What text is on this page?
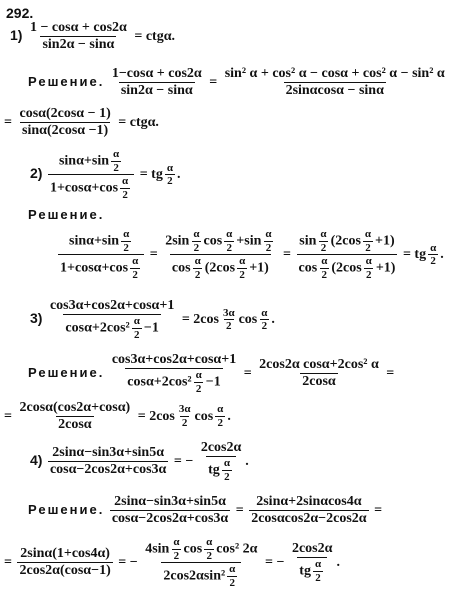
292.
$1) \frac{1 - \cos\alpha + \cos 2\alpha}{\sin 2\alpha - \sin\alpha} = ctg\alpha$.
Решение. $\frac{1-\cos\alpha + \cos 2\alpha}{\sin 2\alpha - \sin\alpha} = \frac{\text{sin² α + cos² α − cosα + cos² α − sin² α}}{2\sin\alpha\cos\alpha - \sin\alpha}$
= $\frac{\cos\alpha(2\cos\alpha - 1)}{\sin\alpha(2\cos\alpha -1)} = ctg\alpha$.
$2) \frac{\sin\alpha+\sin \frac{\alpha}{2}}{1+\cos\alpha+\cos \frac{\alpha}{2}}$ = tg $\frac{\alpha}{2}$ .
Решение.
$\frac{\sin\alpha+\sin \frac{\alpha}{2}}{1+\cos\alpha+\cos \frac{\alpha}{2}} = \frac{2\sin \frac{\alpha}{2} \cos \frac{\alpha}{2} +\sin \frac{\alpha}{2}}{\cos \frac{\alpha}{2} (2\cos \frac{\alpha}{2} +1)} = \frac{\sin \frac{\alpha}{2} (2\cos \frac{\alpha}{2} +1)}{\cos \frac{\alpha}{2} (2\cos \frac{\alpha}{2} +1)}$ = tg $\frac{\alpha}{2}$ .
$3) \frac{\cos 3\alpha+\cos 2\alpha+\cos\alpha+1}{\cos\alpha+2\cos^2 \frac{\alpha}{2} -1} = 2\cos \frac{3\alpha}{2}$ $\cos \frac{\alpha}{2}$ .
Решение. $\frac{\cos 3\alpha+\cos 2\alpha+\cos\alpha+1}{\cos\alpha+2\cos^2 \frac{\alpha}{2} -1} = \frac{\text{2cos2α cosα+2cos² α}}{2\cos\alpha}$ =
= $\frac{2\cos\alpha(\cos 2\alpha+\cos\alpha)}{2\cos\alpha} = 2\cos \frac{3\alpha}{2}$ $\cos \frac{\alpha}{2}$ .
$4) \frac{2\sin\alpha-\sin 3\alpha+\sin 5\alpha}{\cos\alpha-2\cos 2\alpha+\cos 3\alpha}$ = − $\frac{2\cos 2\alpha}{tg \frac{\alpha}{2}}$ .
Решение. $\frac{2\sin\alpha-\sin 3\alpha+\sin 5\alpha}{\cos\alpha-2\cos 2\alpha+\cos 3\alpha} = \frac{2\sin\alpha+2\sin\alpha\cos 4\alpha}{2\cos\alpha\cos 2\alpha-2\cos 2\alpha}$ =
= $\frac{2\sin\alpha(1+\cos 4\alpha)}{2\cos 2\alpha(\cos\alpha-1)}$ = − $\frac{4\sin \frac{\alpha}{2} \cos \frac{\alpha}{2} \cos^2 2\alpha}{2\cos 2\alpha\sin^2 \frac{\alpha}{2}}$ = − $\frac{2\cos 2\alpha}{tg \frac{\alpha}{2}}$ .
